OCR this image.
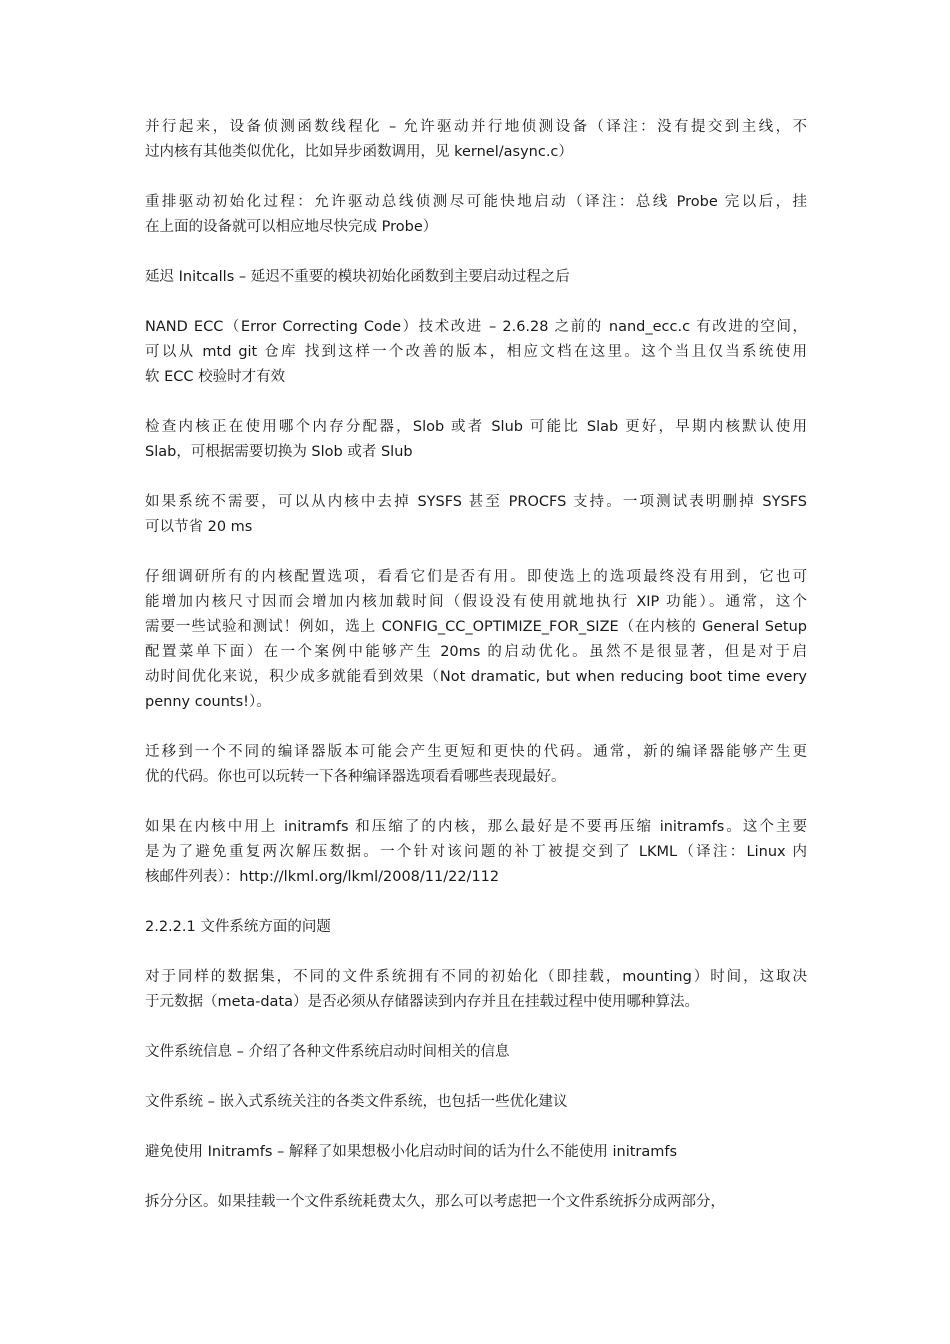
并行起来，设备侦测函数线程化 – 允许驱动并行地侦测设备（译注：没有提交到主线，不
过内核有其他类似优化，比如异步函数调用，见 kernel/async.c）
重排驱动初始化过程：允许驱动总线侦测尽可能快地启动（译注：总线 Probe 完以后，挂
在上面的设备就可以相应地尽快完成 Probe）
延迟 Initcalls – 延迟不重要的模块初始化函数到主要启动过程之后
NAND ECC（Error Correcting Code）技术改进 – 2.6.28 之前的 nand_ecc.c 有改进的空间，
可以从 mtd git 仓库 找到这样一个改善的版本，相应文档在这里。这个当且仅当系统使用
软 ECC 校验时才有效
检查内核正在使用哪个内存分配器，Slob 或者 Slub 可能比 Slab 更好，早期内核默认使用
Slab，可根据需要切换为 Slob 或者 Slub
如果系统不需要，可以从内核中去掉 SYSFS 甚至 PROCFS 支持。一项测试表明删掉 SYSFS
可以节省 20 ms
仔细调研所有的内核配置选项，看看它们是否有用。即使选上的选项最终没有用到，它也可
能增加内核尺寸因而会增加内核加载时间（假设没有使用就地执行 XIP 功能）。通常，这个
需要一些试验和测试！例如，选上 CONFIG_CC_OPTIMIZE_FOR_SIZE（在内核的 General Setup
配置菜单下面）在一个案例中能够产生 20ms 的启动优化。虽然不是很显著，但是对于启
动时间优化来说，积少成多就能看到效果（Not dramatic, but when reducing boot time every
penny counts!）。
迁移到一个不同的编译器版本可能会产生更短和更快的代码。通常，新的编译器能够产生更
优的代码。你也可以玩转一下各种编译器选项看看哪些表现最好。
如果在内核中用上 initramfs 和压缩了的内核，那么最好是不要再压缩 initramfs。这个主要
是为了避免重复两次解压数据。一个针对该问题的补丁被提交到了 LKML（译注：Linux 内
核邮件列表）：http://lkml.org/lkml/2008/11/22/112
2.2.2.1 文件系统方面的问题
对于同样的数据集，不同的文件系统拥有不同的初始化（即挂载，mounting）时间，这取决
于元数据（meta-data）是否必须从存储器读到内存并且在挂载过程中使用哪种算法。
文件系统信息 – 介绍了各种文件系统启动时间相关的信息
文件系统 – 嵌入式系统关注的各类文件系统，也包括一些优化建议
避免使用 Initramfs – 解释了如果想极小化启动时间的话为什么不能使用 initramfs
拆分分区。如果挂载一个文件系统耗费太久，那么可以考虑把一个文件系统拆分成两部分，
